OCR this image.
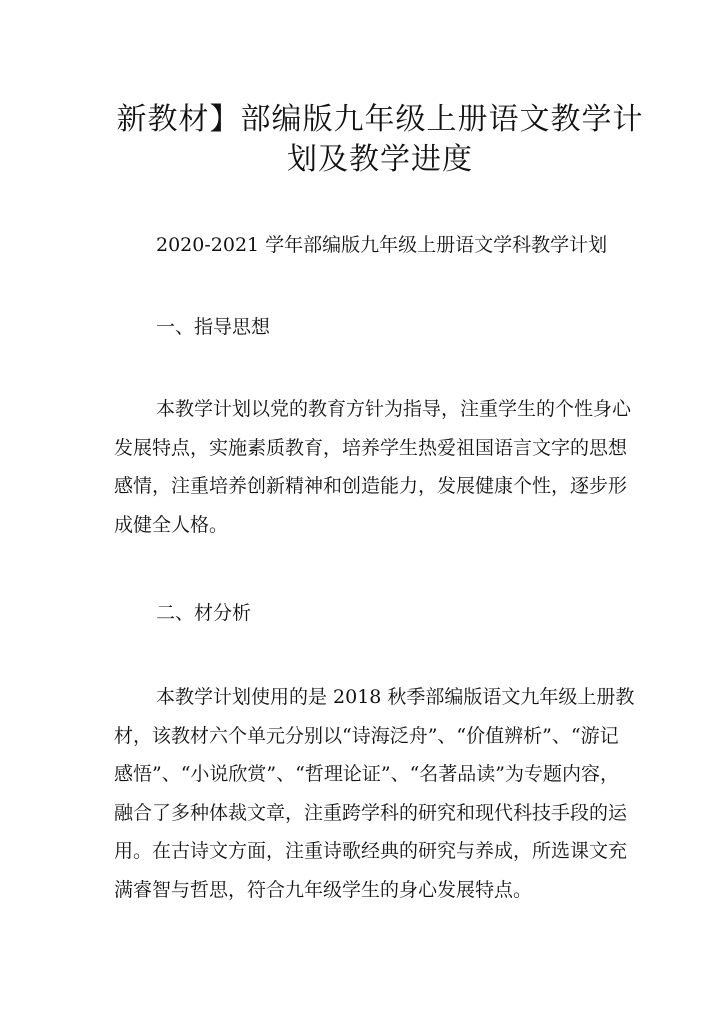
新教材】部编版九年级上册语文教学计
划及教学进度

2020-2021 学年部编版九年级上册语文学科教学计划

一、指导思想

本教学计划以党的教育方针为指导，注重学生的个性身心
发展特点，实施素质教育，培养学生热爱祖国语言文字的思想
感情，注重培养创新精神和创造能力，发展健康个性，逐步形
成健全人格。

二、材分析

本教学计划使用的是 2018 秋季部编版语文九年级上册教
材，该教材六个单元分别以“诗海泛舟”、“价值辨析”、“游记
感悟”、“小说欣赏”、“哲理论证”、“名著品读”为专题内容，
融合了多种体裁文章，注重跨学科的研究和现代科技手段的运
用。在古诗文方面，注重诗歌经典的研究与养成，所选课文充
满睿智与哲思，符合九年级学生的身心发展特点。
